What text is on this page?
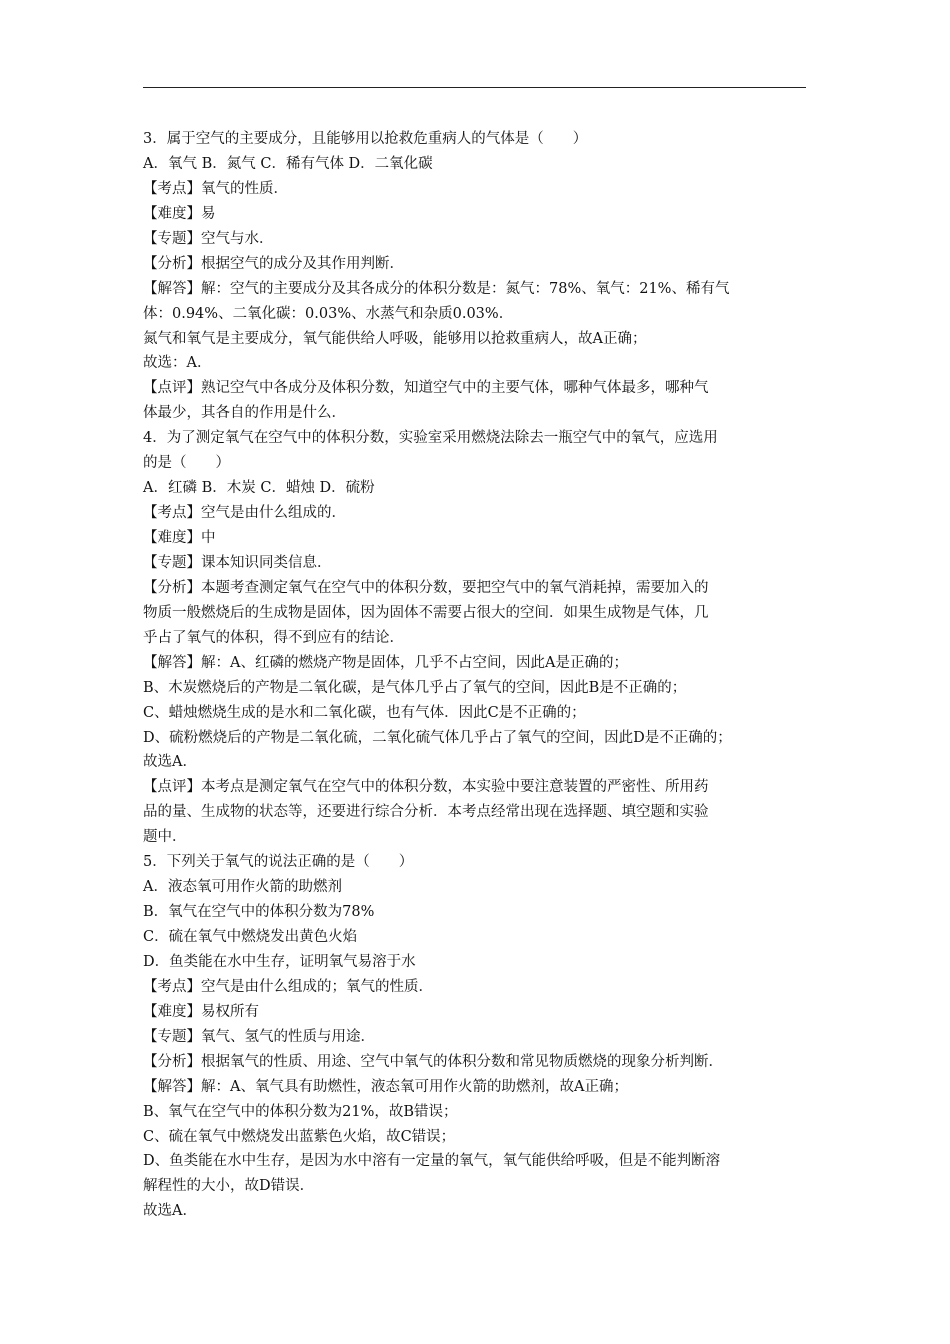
3．属于空气的主要成分，且能够用以抢救危重病人的气体是（　　）
A．氧气 B．氮气 C．稀有气体 D．二氧化碳
【考点】氧气的性质．
【难度】易
【专题】空气与水．
【分析】根据空气的成分及其作用判断．
【解答】解：空气的主要成分及其各成分的体积分数是：氮气：78%、氧气：21%、稀有气
体：0.94%、二氧化碳：0.03%、水蒸气和杂质0.03%．
氮气和氧气是主要成分，氧气能供给人呼吸，能够用以抢救重病人，故A正确；
故选：A．
【点评】熟记空气中各成分及体积分数，知道空气中的主要气体，哪种气体最多，哪种气
体最少，其各自的作用是什么．
4．为了测定氧气在空气中的体积分数，实验室采用燃烧法除去一瓶空气中的氧气，应选用
的是（　　）
A．红磷 B．木炭 C．蜡烛 D．硫粉
【考点】空气是由什么组成的．
【难度】中
【专题】课本知识同类信息．
【分析】本题考查测定氧气在空气中的体积分数，要把空气中的氧气消耗掉，需要加入的
物质一般燃烧后的生成物是固体，因为固体不需要占很大的空间．如果生成物是气体，几
乎占了氧气的体积，得不到应有的结论．
【解答】解：A、红磷的燃烧产物是固体，几乎不占空间，因此A是正确的；
B、木炭燃烧后的产物是二氧化碳，是气体几乎占了氧气的空间，因此B是不正确的；
C、蜡烛燃烧生成的是水和二氧化碳，也有气体．因此C是不正确的；
D、硫粉燃烧后的产物是二氧化硫，二氧化硫气体几乎占了氧气的空间，因此D是不正确的；
故选A．
【点评】本考点是测定氧气在空气中的体积分数，本实验中要注意装置的严密性、所用药
品的量、生成物的状态等，还要进行综合分析．本考点经常出现在选择题、填空题和实验
题中．
5．下列关于氧气的说法正确的是（　　）
A．液态氧可用作火箭的助燃剂
B．氧气在空气中的体积分数为78%
C．硫在氧气中燃烧发出黄色火焰
D．鱼类能在水中生存，证明氧气易溶于水
【考点】空气是由什么组成的；氧气的性质．
【难度】易权所有
【专题】氧气、氢气的性质与用途．
【分析】根据氧气的性质、用途、空气中氧气的体积分数和常见物质燃烧的现象分析判断．
【解答】解：A、氧气具有助燃性，液态氧可用作火箭的助燃剂，故A正确；
B、氧气在空气中的体积分数为21%，故B错误；
C、硫在氧气中燃烧发出蓝紫色火焰，故C错误；
D、鱼类能在水中生存，是因为水中溶有一定量的氧气，氧气能供给呼吸，但是不能判断溶
解程性的大小，故D错误．
故选A．
